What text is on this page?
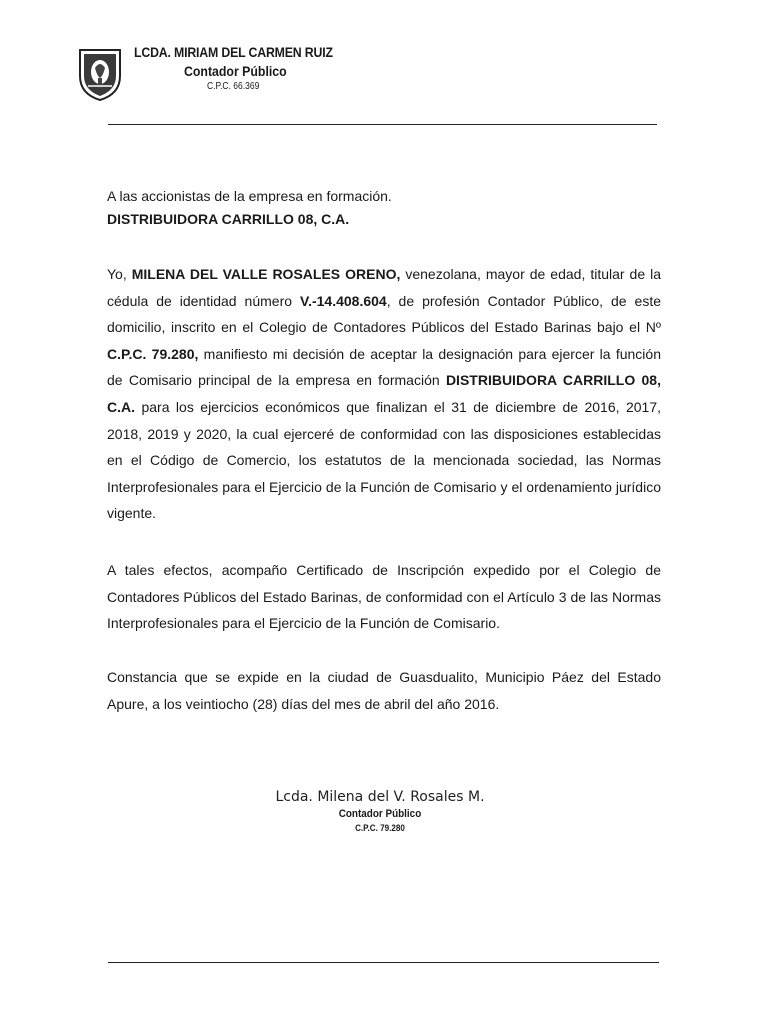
LCDA. MIRIAM DEL CARMEN RUIZ
Contador Público
C.P.C. 66.369
A las accionistas de la empresa en formación.
DISTRIBUIDORA CARRILLO 08, C.A.
Yo, MILENA DEL VALLE ROSALES ORENO, venezolana, mayor de edad, titular de la cédula de identidad número V.-14.408.604, de profesión Contador Público, de este domicilio, inscrito en el Colegio de Contadores Públicos del Estado Barinas bajo el Nº C.P.C. 79.280, manifiesto mi decisión de aceptar la designación para ejercer la función de Comisario principal de la empresa en formación DISTRIBUIDORA CARRILLO 08, C.A. para los ejercicios económicos que finalizan el 31 de diciembre de 2016, 2017, 2018, 2019 y 2020, la cual ejerceré de conformidad con las disposiciones establecidas en el Código de Comercio, los estatutos de la mencionada sociedad, las Normas Interprofesionales para el Ejercicio de la Función de Comisario y el ordenamiento jurídico vigente.
A tales efectos, acompaño Certificado de Inscripción expedido por el Colegio de Contadores Públicos del Estado Barinas, de conformidad con el Artículo 3 de las Normas Interprofesionales para el Ejercicio de la Función de Comisario.
Constancia que se expide en la ciudad de Guasdualito, Municipio Páez del Estado Apure, a los veintiocho (28) días del mes de abril del año 2016.
Lcda. Milena del V. Rosales M.
Contador Público
C.P.C. 79.280
